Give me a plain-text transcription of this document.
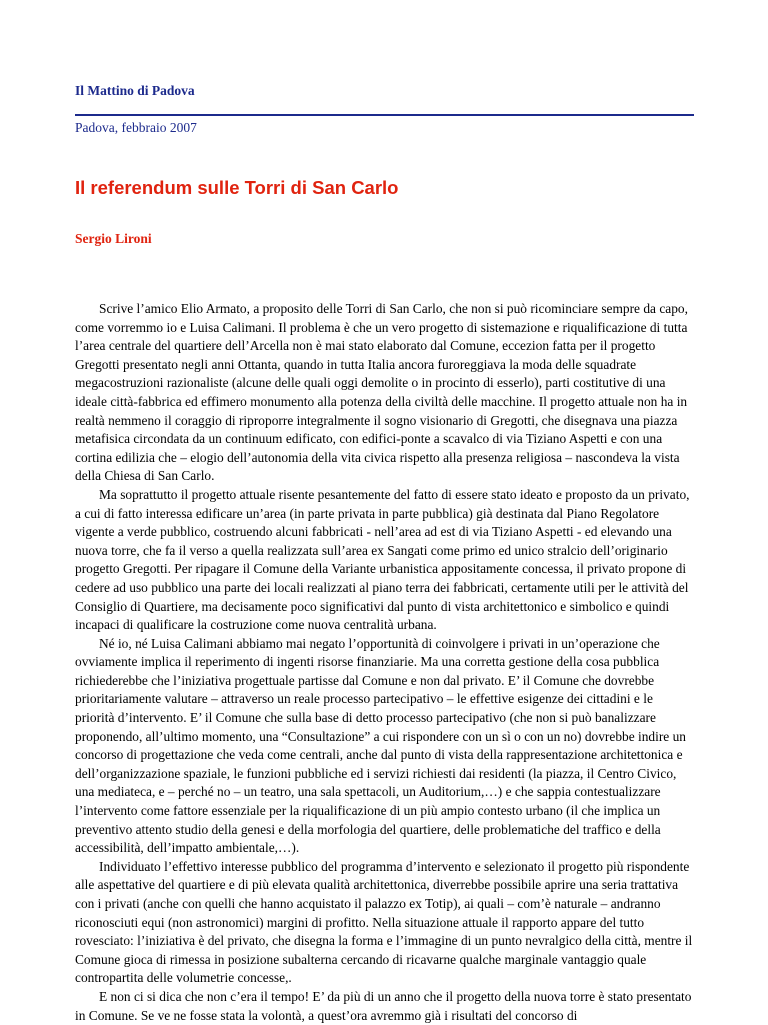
Il Mattino di Padova
Padova, febbraio 2007
Il referendum sulle Torri di San Carlo
Sergio Lironi

Scrive l’amico Elio Armato, a proposito delle Torri di San Carlo, che non si può ricominciare sempre da capo, come vorremmo io e Luisa Calimani. Il problema è che un vero progetto di sistemazione e riqualificazione di tutta l’area centrale del quartiere dell’Arcella non è mai stato elaborato dal Comune, eccezion fatta per il progetto Gregotti presentato negli anni Ottanta, quando in tutta Italia ancora furoreggiava la moda delle squadrate megacostruzioni razionaliste (alcune delle quali oggi demolite o in procinto di esserlo), parti costitutive di una ideale città-fabbrica ed effimero monumento alla potenza della civiltà delle macchine. Il progetto attuale non ha in realtà nemmeno il coraggio di riproporre integralmente il sogno visionario di Gregotti, che disegnava una piazza metafisica circondata da un continuum edificato, con edifici-ponte a scavalco di via Tiziano Aspetti e con una cortina edilizia che – elogio dell’autonomia della vita civica rispetto alla presenza religiosa – nascondeva la vista della Chiesa di San Carlo.

Ma soprattutto il progetto attuale risente pesantemente del fatto di essere stato ideato e proposto da un privato, a cui di fatto interessa edificare un’area (in parte privata in parte pubblica) già destinata dal Piano Regolatore vigente a verde pubblico, costruendo alcuni fabbricati - nell’area ad est di via Tiziano Aspetti - ed elevando una nuova torre, che fa il verso a quella realizzata sull’area ex Sangati come primo ed unico stralcio dell’originario progetto Gregotti. Per ripagare il Comune della Variante urbanistica appositamente concessa, il privato propone di cedere ad uso pubblico una parte dei locali realizzati al piano terra dei fabbricati, certamente utili per le attività del Consiglio di Quartiere, ma decisamente poco significativi dal punto di vista architettonico e simbolico e quindi incapaci di qualificare la costruzione come nuova centralità urbana.

Né io, né Luisa Calimani abbiamo mai negato l’opportunità di coinvolgere i privati in un’operazione che ovviamente implica il reperimento di ingenti risorse finanziarie. Ma una corretta gestione della cosa pubblica richiederebbe che l’iniziativa progettuale partisse dal Comune e non dal privato. E’ il Comune che dovrebbe prioritariamente valutare – attraverso un reale processo partecipativo – le effettive esigenze dei cittadini e le priorità d’intervento. E’ il Comune che sulla base di detto processo partecipativo (che non si può banalizzare proponendo, all’ultimo momento, una “Consultazione” a cui rispondere con un sì o con un no) dovrebbe indire un concorso di progettazione che veda come centrali, anche dal punto di vista della rappresentazione architettonica e dell’organizzazione spaziale, le funzioni pubbliche ed i servizi richiesti dai residenti (la piazza, il Centro Civico, una mediateca, e – perché no – un teatro, una sala spettacoli, un Auditorium,…) e che sappia contestualizzare l’intervento come fattore essenziale per la riqualificazione di un più ampio contesto urbano (il che implica un preventivo attento studio della genesi e della morfologia del quartiere, delle problematiche del traffico e della accessibilità, dell’impatto ambientale,…).

Individuato l’effettivo interesse pubblico del programma d’intervento e selezionato il progetto più rispondente alle aspettative del quartiere e di più elevata qualità architettonica, diverrebbe possibile aprire una seria trattativa con i privati (anche con quelli che hanno acquistato il palazzo ex Totip), ai quali – com’è naturale – andranno riconosciuti equi (non astronomici) margini di profitto. Nella situazione attuale il rapporto appare del tutto rovesciato: l’iniziativa è del privato, che disegna la forma e l’immagine di un punto nevralgico della città, mentre il Comune gioca di rimessa in posizione subalterna cercando di ricavarne qualche marginale vantaggio quale contropartita delle volumetrie concesse,.

E non ci si dica che non c’era il tempo! E’ da più di un anno che il progetto della nuova torre è stato presentato in Comune. Se ve ne fosse stata la volontà, a quest’ora avremmo già i risultati del concorso di
